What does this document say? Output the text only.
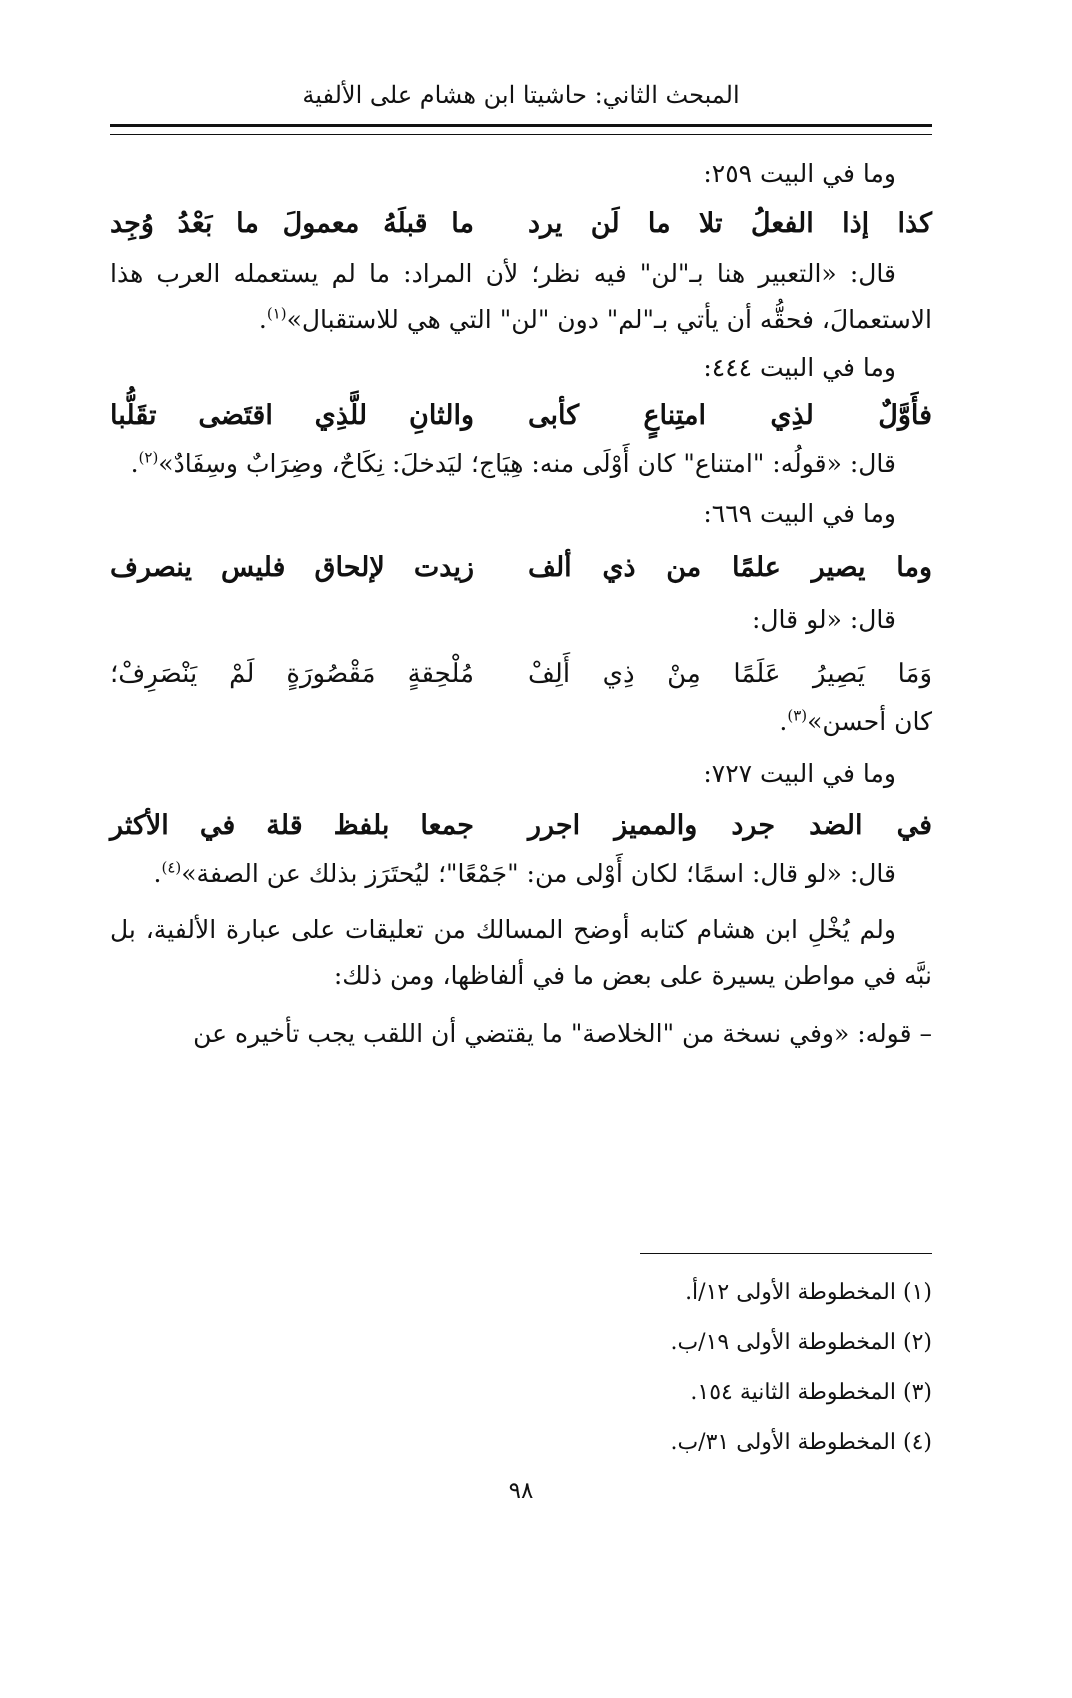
المبحث الثاني: حاشيتا ابن هشام على الألفية

وما في البيت ٢٥٩:

كذا إذا الفعلُ تلا ما لَن يرد
ما قبلَهُ معمولَ ما بَعْدُ وُجِد

قال: «التعبير هنا بـ"لن" فيه نظر؛ لأن المراد: ما لم يستعمله العرب هذا الاستعمالَ، فحقُّه أن يأتي بـ"لم" دون "لن" التي هي للاستقبال»$^{(١)}$.

وما في البيت ٤٤٤:

فأَوَّلٌ لذِي امتِناعٍ كأبى
والثانِ للَّذِي اقتَضى تقَلُّبا

قال: «قولُه: "امتناع" كان أَوْلَى منه: هِيَاج؛ ليَدخلَ: نِكَاحٌ، وضِرَابٌ وسِفَادٌ»$^{(٢)}$.

وما في البيت ٦٦٩:

وما يصير علمًا من ذي ألف
زيدت لإلحاق فليس ينصرف

قال: «لو قال:

وَمَا يَصِيرُ عَلَمًا مِنْ ذِي أَلِفْ
مُلْحِقةٍ مَقْصُورَةٍ لَمْ يَنْصَرِفْ؛

كان أحسن»$^{(٣)}$.

وما في البيت ٧٢٧:

في الضد جرد والمميز اجرر
جمعا بلفظ قلة في الأكثر

قال: «لو قال: اسمًا؛ لكان أَوْلى من: "جَمْعًا"؛ ليُحتَرَز بذلك عن الصفة»$^{(٤)}$.

ولم يُخْلِ ابن هشام كتابه أوضح المسالك من تعليقات على عبارة الألفية، بل نبَّه في مواطن يسيرة على بعض ما في ألفاظها، ومن ذلك:

– قوله: «وفي نسخة من "الخلاصة" ما يقتضي أن اللقب يجب تأخيره عن

(١) المخطوطة الأولى ١٢/أ.

(٢) المخطوطة الأولى ١٩/ب.

(٣) المخطوطة الثانية ١٥٤.

(٤) المخطوطة الأولى ٣١/ب.

٩٨
